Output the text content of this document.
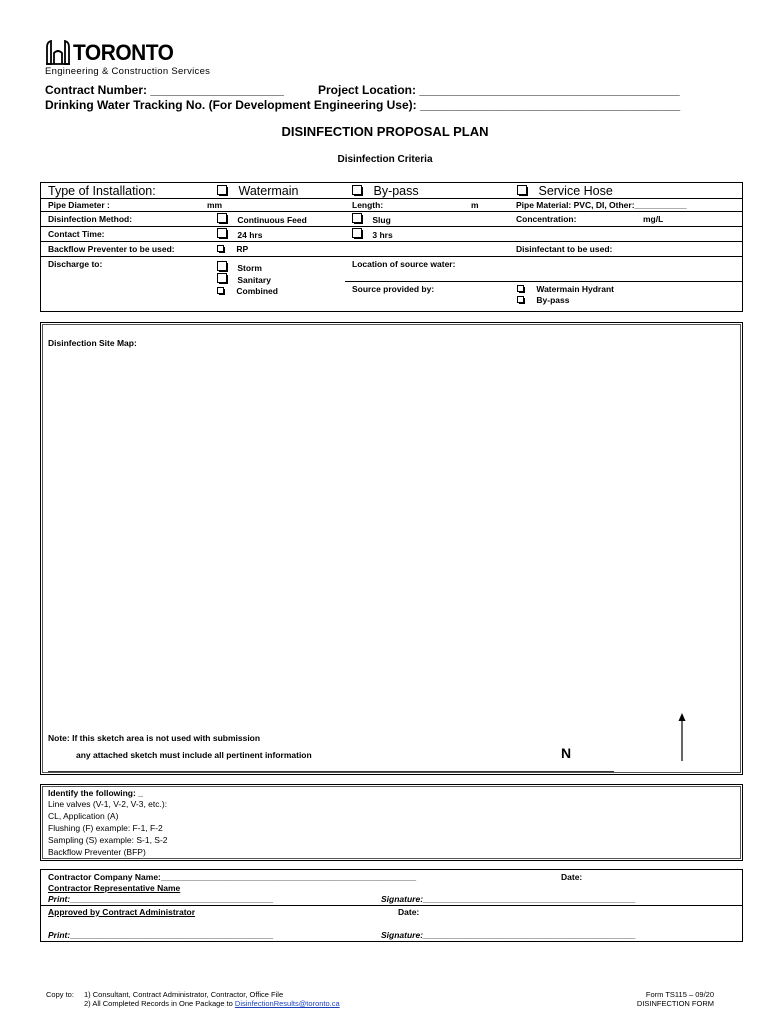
TORONTO
Engineering & Construction Services
Contract Number: ____________________	Project Location: _______________________________________
Drinking Water Tracking No. (For Development Engineering Use): _______________________________________
DISINFECTION PROPOSAL PLAN
Disinfection Criteria
Type of Installation:	Watermain	By-pass	Service Hose
Pipe Diameter :	mm	Length:	m	Pipe Material: PVC, DI, Other:___________
Disinfection Method:	Continuous Feed	Slug	Concentration:	mg/L
Contact Time:	24 hrs	3 hrs
Backflow Preventer to be used:	RP	Disinfectant to be used:
Discharge to:	Storm
Sanitary
Combined
Location of source water:
Source provided by:	Watermain Hydrant
By-pass
Disinfection Site Map:
Note: If this sketch area is not used with submission
any attached sketch must include all pertinent information	N
Identify the following: _
Line valves (V-1, V-2, V-3, etc.):
CL, Application (A)
Flushing (F) example: F-1, F-2
Sampling (S) example: S-1, S-2
Backflow Preventer (BFP)
Contractor Company Name:______________________________________________________	Date:
Contractor Representative Name
Print:___________________________________________	Signature:_____________________________________________
Approved by Contract Administrator	Date:
Print:___________________________________________	Signature:_____________________________________________
Copy to: 1) Consultant, Contract Administrator, Contractor, Office File
2) All Completed Records in One Package to DisinfectionResults@toronto.ca
Form TS115 – 09/20
DISINFECTION FORM
